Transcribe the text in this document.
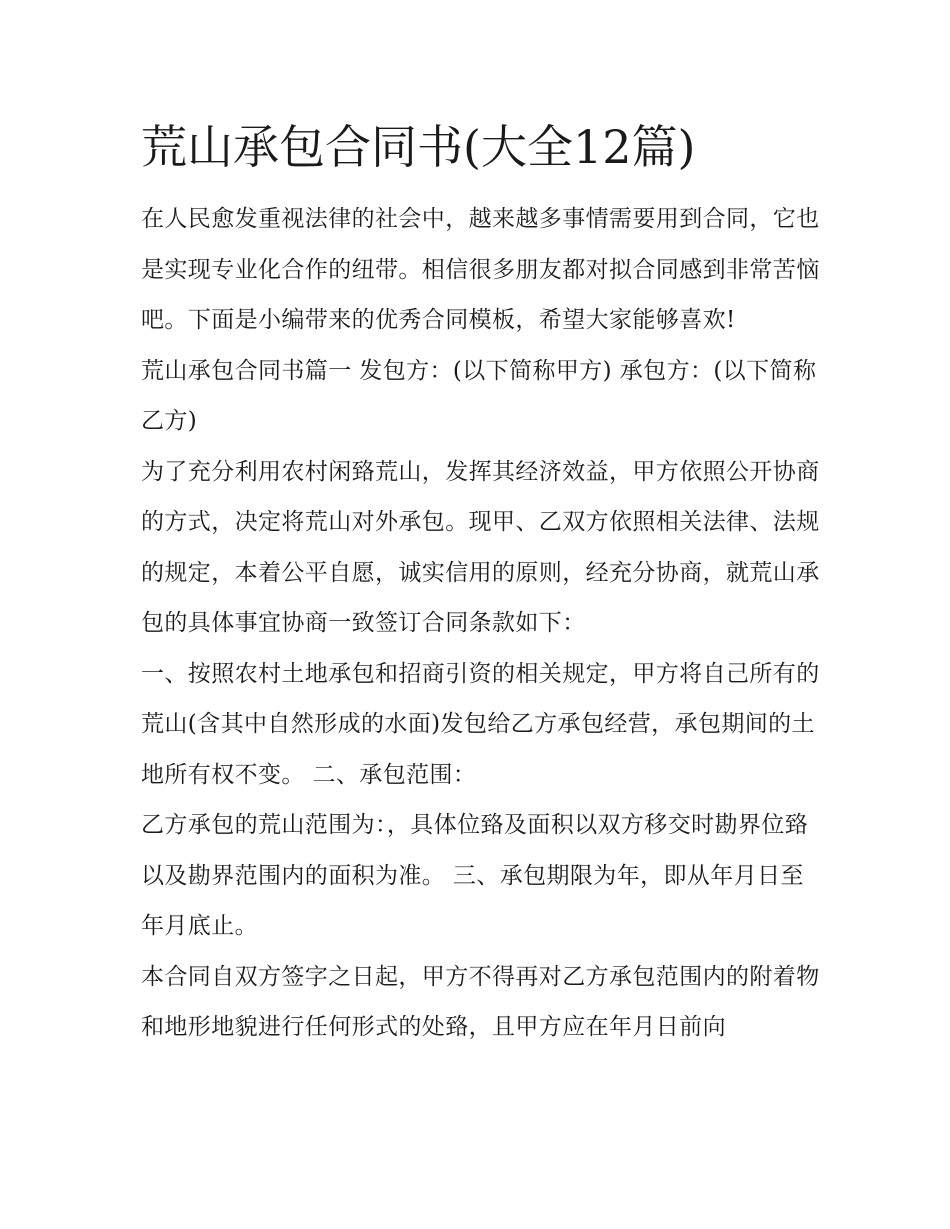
荒山承包合同书(大全12篇)

在人民愈发重视法律的社会中，越来越多事情需要用到合同，它也是实现专业化合作的纽带。相信很多朋友都对拟合同感到非常苦恼吧。下面是小编带来的优秀合同模板，希望大家能够喜欢!

荒山承包合同书篇一 发包方：(以下简称甲方) 承包方：(以下简称乙方)

为了充分利用农村闲臵荒山，发挥其经济效益，甲方依照公开协商的方式，决定将荒山对外承包。现甲、乙双方依照相关法律、法规的规定，本着公平自愿，诚实信用的原则，经充分协商，就荒山承包的具体事宜协商一致签订合同条款如下：

一、按照农村土地承包和招商引资的相关规定，甲方将自己所有的荒山(含其中自然形成的水面)发包给乙方承包经营，承包期间的土地所有权不变。 二、承包范围：

乙方承包的荒山范围为：，具体位臵及面积以双方移交时勘界位臵以及勘界范围内的面积为准。 三、承包期限为年，即从年月日至年月底止。

本合同自双方签字之日起，甲方不得再对乙方承包范围内的附着物和地形地貌进行任何形式的处臵，且甲方应在年月日前向
